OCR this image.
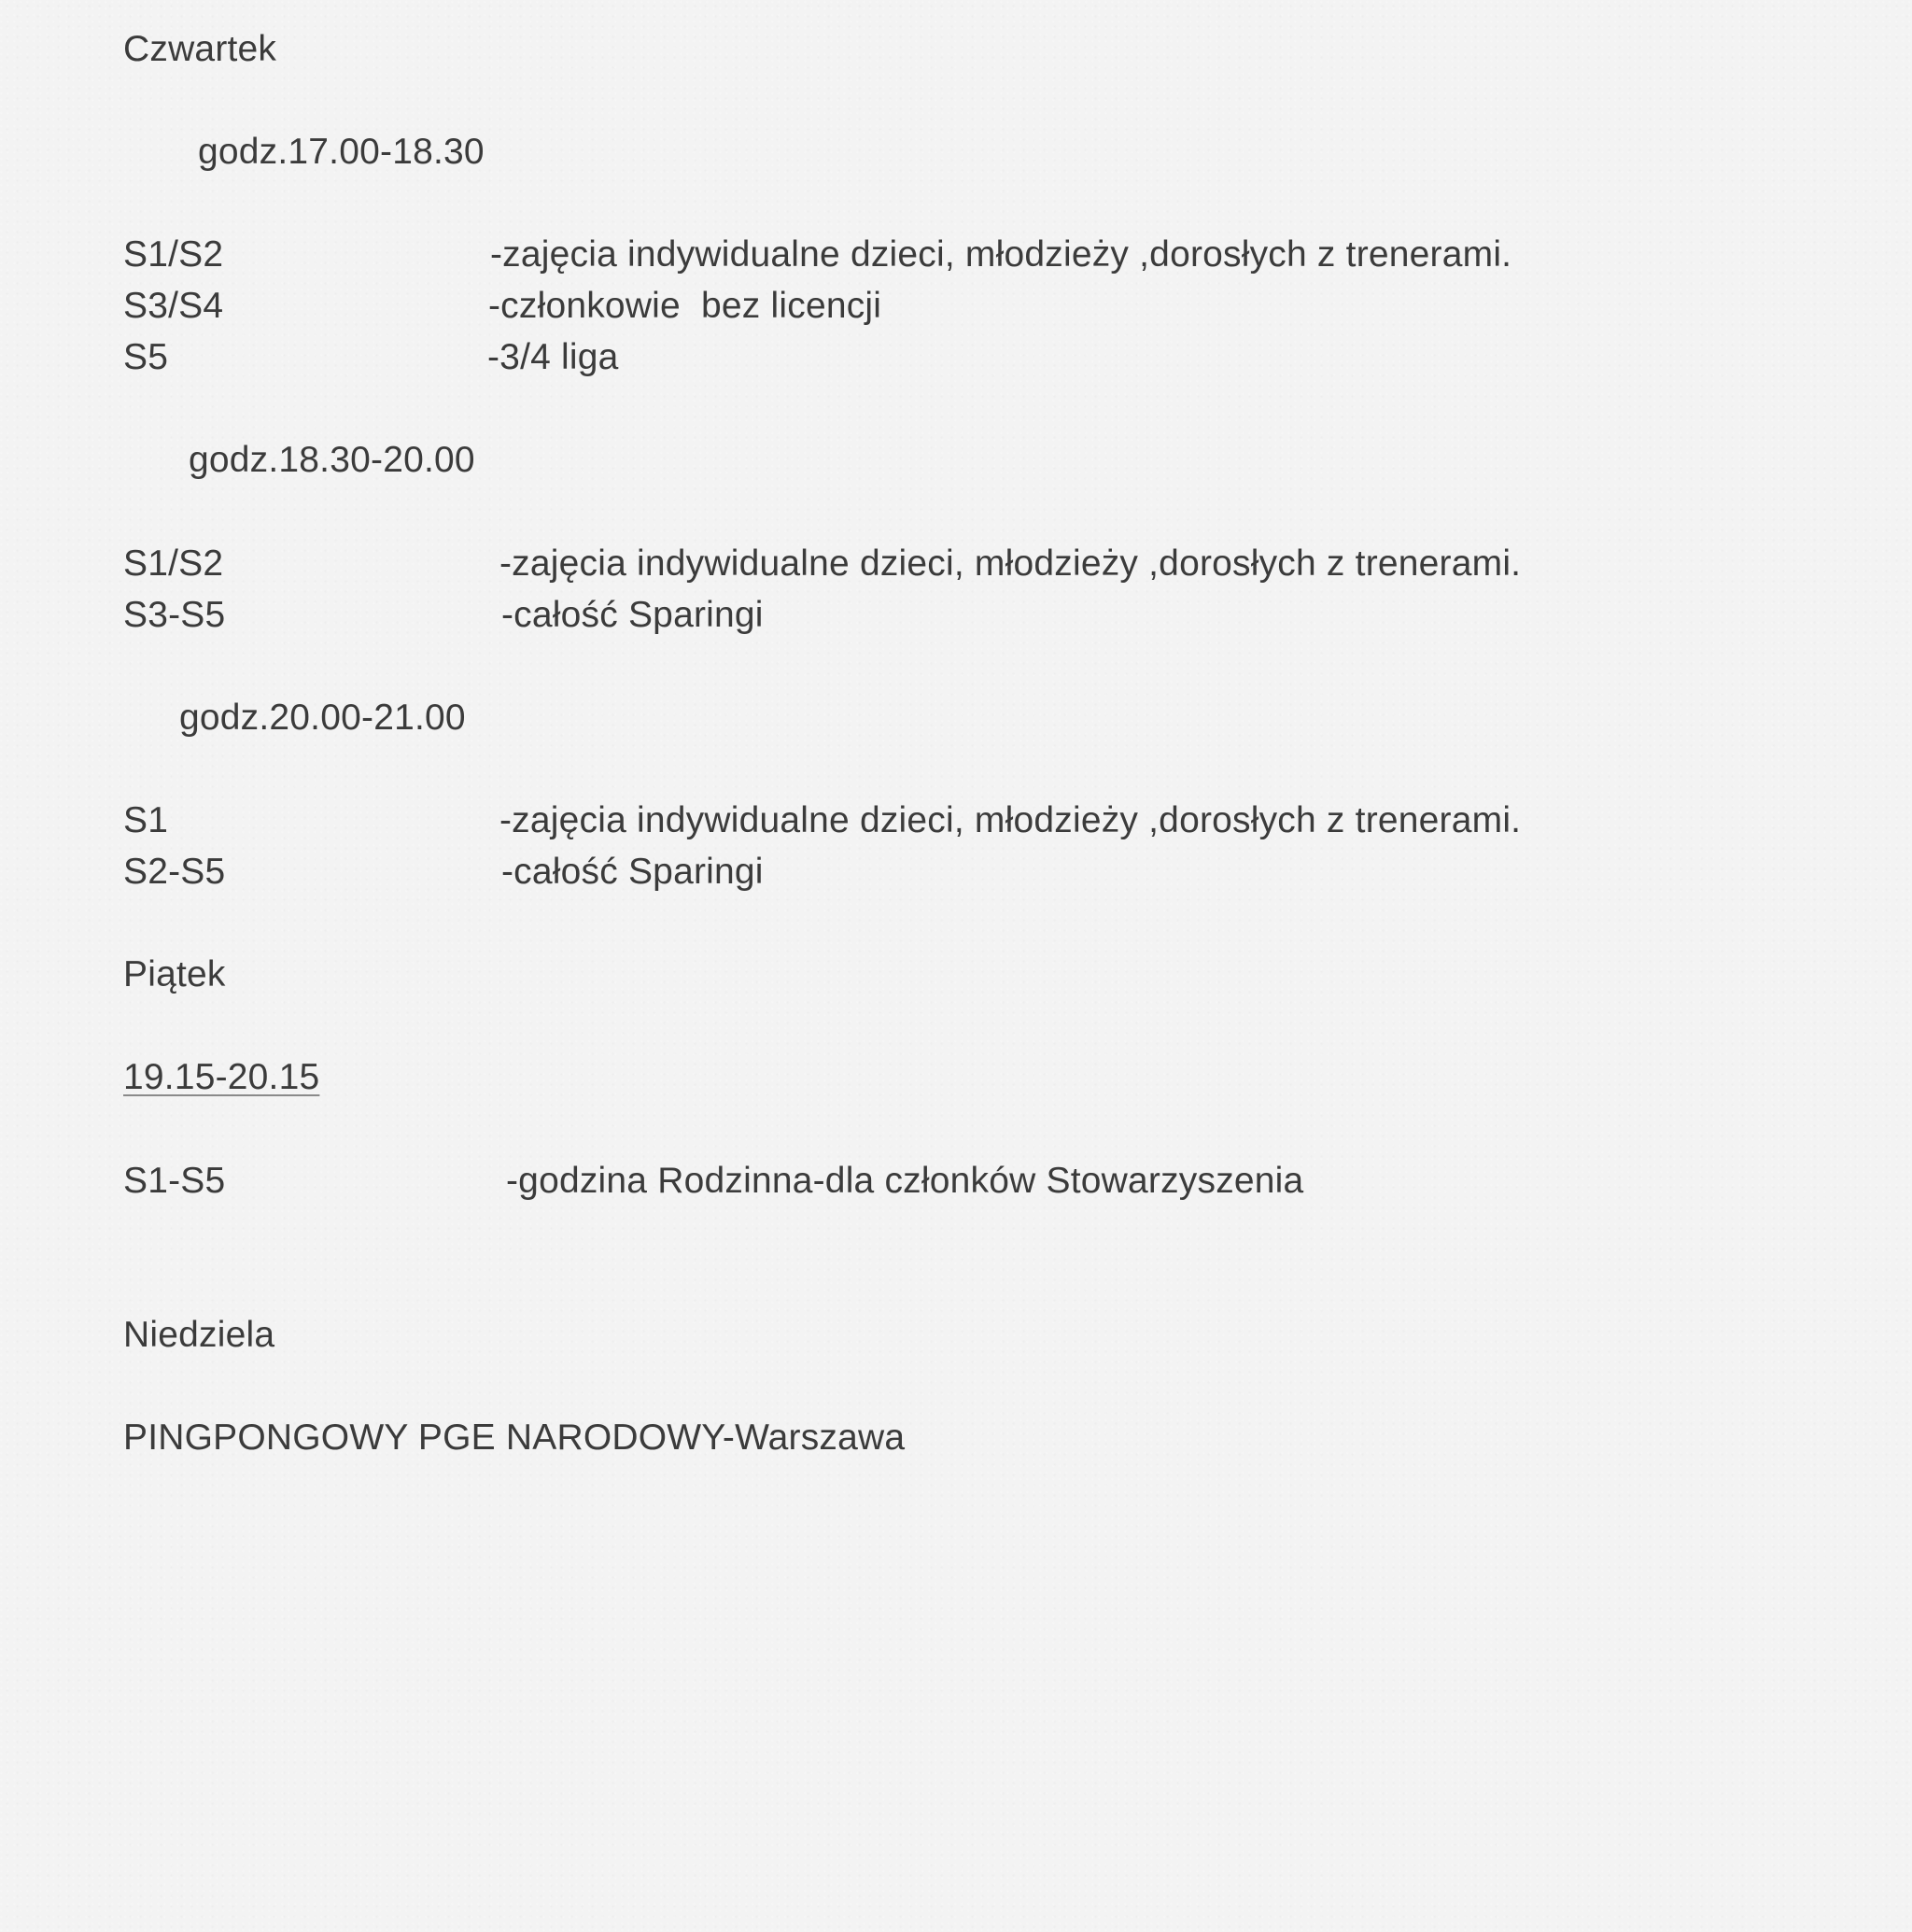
Czwartek
godz.17.00-18.30
S1/S2	-zajęcia indywidualne dzieci, młodzieży ,dorosłych z trenerami.
S3/S4	-członkowie  bez licencji
S5	-3/4 liga
godz.18.30-20.00
S1/S2	-zajęcia indywidualne dzieci, młodzieży ,dorosłych z trenerami.
S3-S5	-całość Sparingi
godz.20.00-21.00
S1	-zajęcia indywidualne dzieci, młodzieży ,dorosłych z trenerami.
S2-S5	-całość Sparingi
Piątek
19.15-20.15
S1-S5	-godzina Rodzinna-dla członków Stowarzyszenia
Niedziela
PINGPONGOWY PGE NARODOWY-Warszawa
